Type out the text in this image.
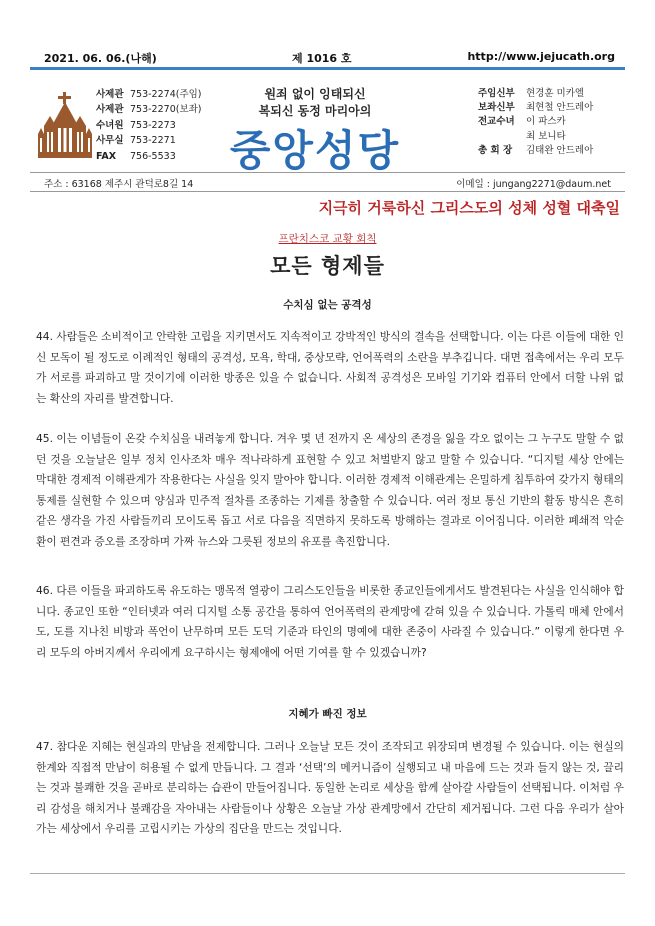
2021. 06. 06.(나해)	제 1016 호	http://www.jejucath.org
사제관 753-2274(주임)
사제관 753-2270(보좌)
수녀원 753-2273
사무실 753-2271
FAX 756-5533
원죄 없이 잉태되신
복되신 동정 마리아의
중앙성당
주임신부 현경훈 미카엘
보좌신부 최현철 안드레아
전교수녀 이 파스카
최 보니타
총 회 장 김태완 안드레아
주소 : 63168 제주시 관덕로8길 14	이메일 : jungang2271@daum.net
지극히 거룩하신 그리스도의 성체 성혈 대축일
프란치스코 교황 회칙
모든 형제들
수치심 없는 공격성
44. 사람들은 소비적이고 안락한 고립을 지키면서도 지속적이고 강박적인 방식의 결속을 선택합니다. 이는 다른 이들에 대한 인신 모독이 될 정도로 이례적인 형태의 공격성, 모욕, 학대, 중상모략, 언어폭력의 소란을 부추깁니다. 대면 접촉에서는 우리 모두가 서로를 파괴하고 말 것이기에 이러한 방종은 있을 수 없습니다. 사회적 공격성은 모바일 기기와 컴퓨터 안에서 더할 나위 없는 확산의 자리를 발견합니다.
45. 이는 이념들이 온갖 수치심을 내려놓게 합니다. 겨우 몇 년 전까지 온 세상의 존경을 잃을 각오 없이는 그 누구도 말할 수 없던 것을 오늘날은 일부 정치 인사조차 매우 적나라하게 표현할 수 있고 처벌받지 않고 말할 수 있습니다. “디지털 세상 안에는 막대한 경제적 이해관계가 작용한다는 사실을 잊지 말아야 합니다. 이러한 경제적 이해관계는 은밀하게 침투하여 갖가지 형태의 통제를 실현할 수 있으며 양심과 민주적 절차를 조종하는 기제를 창출할 수 있습니다. 여러 정보 통신 기반의 활동 방식은 흔히 같은 생각을 가진 사람들끼리 모이도록 돕고 서로 다음을 직면하지 못하도록 방해하는 결과로 이어집니다. 이러한 폐쇄적 악순환이 편견과 증오를 조장하며 가짜 뉴스와 그릇된 정보의 유포를 촉진합니다.
46. 다른 이들을 파괴하도록 유도하는 맹목적 열광이 그리스도인들을 비롯한 종교인들에게서도 발견된다는 사실을 인식해야 합니다. 종교인 또한 “인터넷과 여러 디지털 소통 공간을 통하여 언어폭력의 관계망에 갇혀 있을 수 있습니다. 가톨릭 매체 안에서도, 도를 지나친 비방과 폭언이 난무하며 모든 도덕 기준과 타인의 명예에 대한 존중이 사라질 수 있습니다.” 이렇게 한다면 우리 모두의 아버지께서 우리에게 요구하시는 형제애에 어떤 기여를 할 수 있겠습니까?
지혜가 빠진 정보
47. 참다운 지혜는 현실과의 만남을 전제합니다. 그러나 오늘날 모든 것이 조작되고 위장되며 변경될 수 있습니다. 이는 현실의 한계와 직접적 만남이 허용될 수 없게 만듭니다. 그 결과 ‘선택’의 메커니즘이 실행되고 내 마음에 드는 것과 들지 않는 것, 끌리는 것과 불쾌한 것을 곧바로 분리하는 습관이 만들어집니다. 동일한 논리로 세상을 함께 살아갈 사람들이 선택됩니다. 이처럼 우리 감성을 해치거나 불쾌감을 자아내는 사람들이나 상황은 오늘날 가상 관계망에서 간단히 제거됩니다. 그런 다음 우리가 살아가는 세상에서 우리를 고립시키는 가상의 집단을 만드는 것입니다.
